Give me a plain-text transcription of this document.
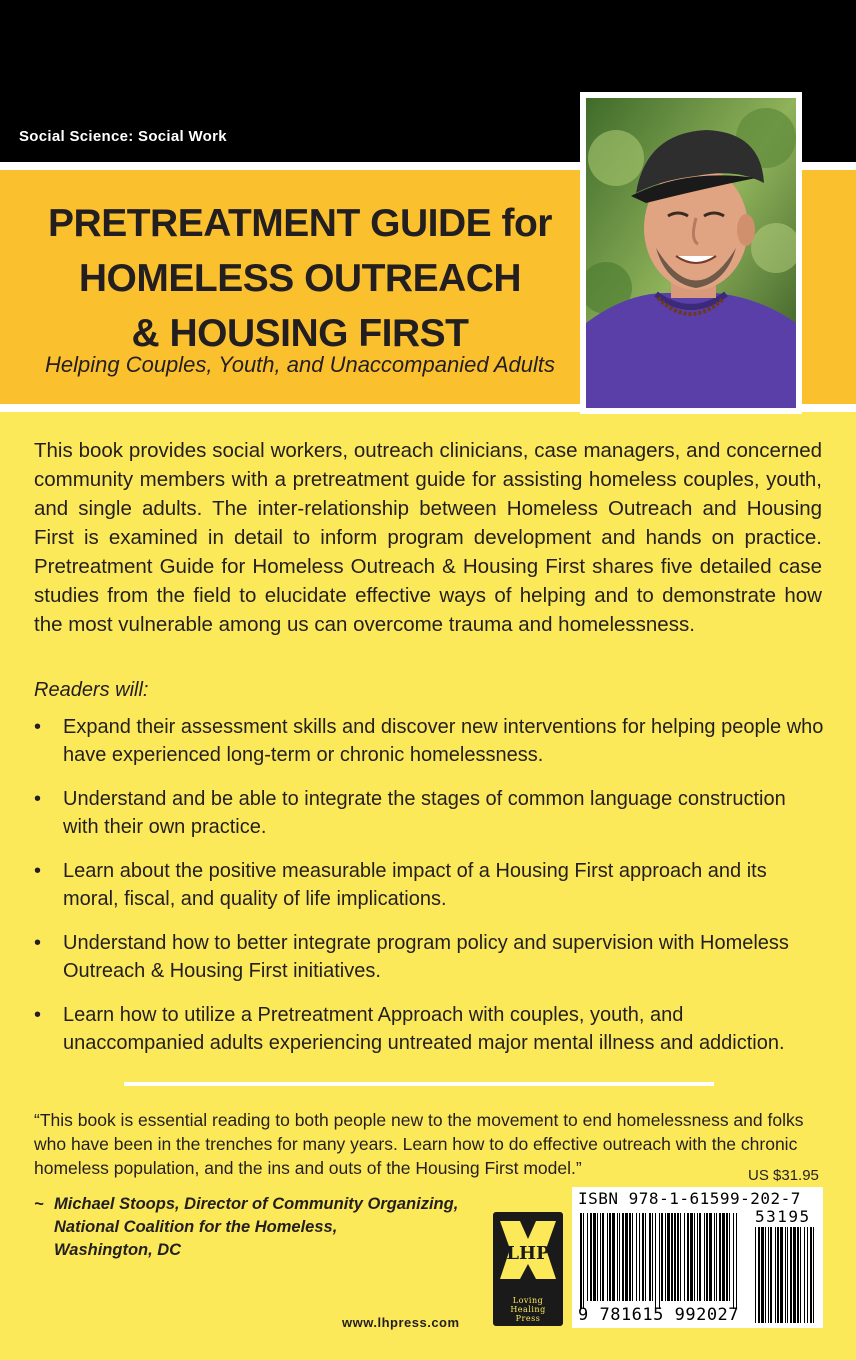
Social Science: Social Work
PRETREATMENT GUIDE for
HOMELESS OUTREACH
& HOUSING FIRST
Helping Couples, Youth, and Unaccompanied Adults
This book provides social workers, outreach clinicians, case managers, and concerned community members with a pretreatment guide for assisting homeless couples, youth, and single adults. The inter-relationship between Homeless Outreach and Housing First is examined in detail to inform program development and hands on practice. Pretreatment Guide for Homeless Outreach & Housing First shares five detailed case studies from the field to elucidate effective ways of helping and to demonstrate how the most vulnerable among us can overcome trauma and homelessness.
Readers will:
• Expand their assessment skills and discover new interventions for helping people who have experienced long-term or chronic homelessness.
• Understand and be able to integrate the stages of common language construction with their own practice.
• Learn about the positive measurable impact of a Housing First approach and its moral, fiscal, and quality of life implications.
• Understand how to better integrate program policy and supervision with Homeless Outreach & Housing First initiatives.
• Learn how to utilize a Pretreatment Approach with couples, youth, and unaccompanied adults experiencing untreated major mental illness and addiction.
“This book is essential reading to both people new to the movement to end homelessness and folks who have been in the trenches for many years. Learn how to do effective outreach with the chronic homeless population, and the ins and outs of the Housing First model.”	US $31.95
~ Michael Stoops, Director of Community Organizing,
National Coalition for the Homeless,
Washington, DC	LHP
Loving
Healing
Press
www.lhpress.com
ISBN 978-1-61599-202-7
53195
9 781615 992027
